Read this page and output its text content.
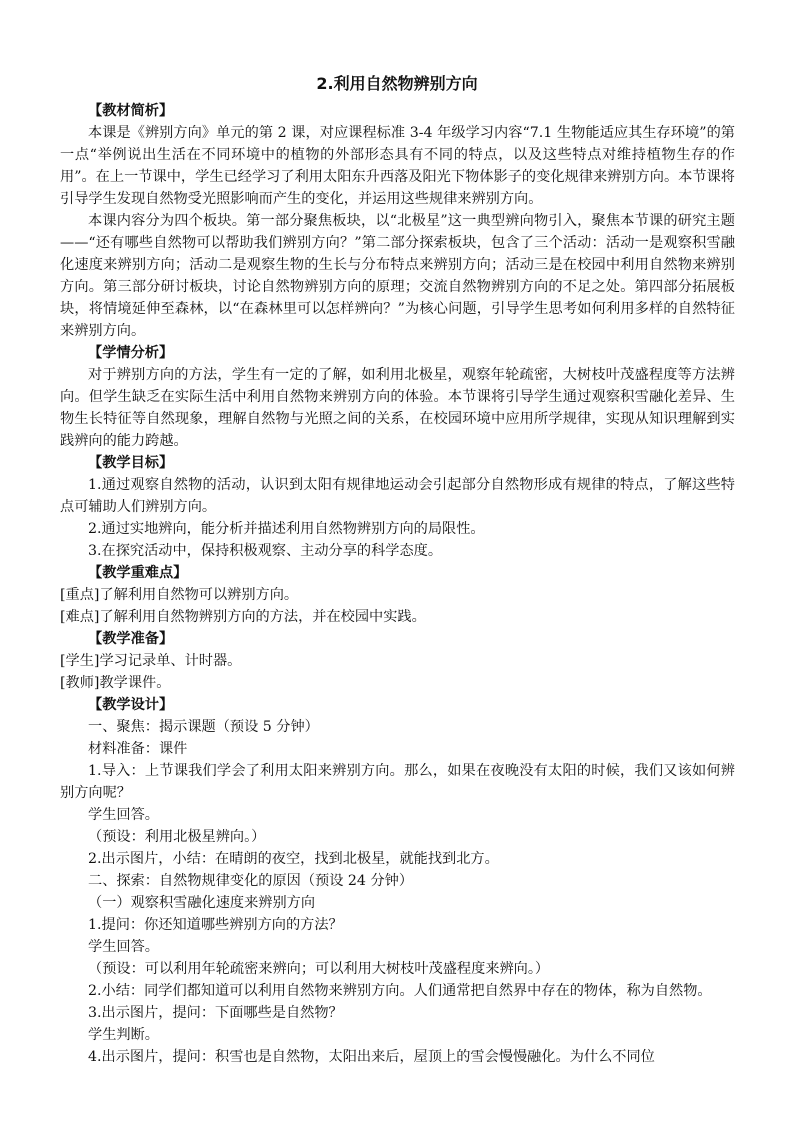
2.利用自然物辨别方向

【教材简析】

本课是《辨别方向》单元的第 2 课，对应课程标准 3-4 年级学习内容“7.1 生物能适应其生存环境”的第一点“举例说出生活在不同环境中的植物的外部形态具有不同的特点，以及这些特点对维持植物生存的作用”。在上一节课中，学生已经学习了利用太阳东升西落及阳光下物体影子的变化规律来辨别方向。本节课将引导学生发现自然物受光照影响而产生的变化，并运用这些规律来辨别方向。

本课内容分为四个板块。第一部分聚焦板块，以“北极星”这一典型辨向物引入，聚焦本节课的研究主题——“还有哪些自然物可以帮助我们辨别方向？”第二部分探索板块，包含了三个活动：活动一是观察积雪融化速度来辨别方向；活动二是观察生物的生长与分布特点来辨别方向；活动三是在校园中利用自然物来辨别方向。第三部分研讨板块，讨论自然物辨别方向的原理；交流自然物辨别方向的不足之处。第四部分拓展板块，将情境延伸至森林，以“在森林里可以怎样辨向？”为核心问题，引导学生思考如何利用多样的自然特征来辨别方向。

【学情分析】

对于辨别方向的方法，学生有一定的了解，如利用北极星，观察年轮疏密，大树枝叶茂盛程度等方法辨向。但学生缺乏在实际生活中利用自然物来辨别方向的体验。本节课将引导学生通过观察积雪融化差异、生物生长特征等自然现象，理解自然物与光照之间的关系，在校园环境中应用所学规律，实现从知识理解到实践辨向的能力跨越。

【教学目标】

1.通过观察自然物的活动，认识到太阳有规律地运动会引起部分自然物形成有规律的特点，了解这些特点可辅助人们辨别方向。

2.通过实地辨向，能分析并描述利用自然物辨别方向的局限性。

3.在探究活动中，保持积极观察、主动分享的科学态度。

【教学重难点】

[重点]了解利用自然物可以辨别方向。

[难点]了解利用自然物辨别方向的方法，并在校园中实践。

【教学准备】

[学生]学习记录单、计时器。

[教师]教学课件。

【教学设计】

一、聚焦：揭示课题（预设 5 分钟）

材料准备：课件

1.导入：上节课我们学会了利用太阳来辨别方向。那么，如果在夜晚没有太阳的时候，我们又该如何辨别方向呢？

学生回答。

（预设：利用北极星辨向。）

2.出示图片，小结：在晴朗的夜空，找到北极星，就能找到北方。

二、探索：自然物规律变化的原因（预设 24 分钟）

（一）观察积雪融化速度来辨别方向

1.提问：你还知道哪些辨别方向的方法？

学生回答。

（预设：可以利用年轮疏密来辨向；可以利用大树枝叶茂盛程度来辨向。）

2.小结：同学们都知道可以利用自然物来辨别方向。人们通常把自然界中存在的物体，称为自然物。

3.出示图片，提问：下面哪些是自然物？

学生判断。

4.出示图片，提问：积雪也是自然物，太阳出来后，屋顶上的雪会慢慢融化。为什么不同位
